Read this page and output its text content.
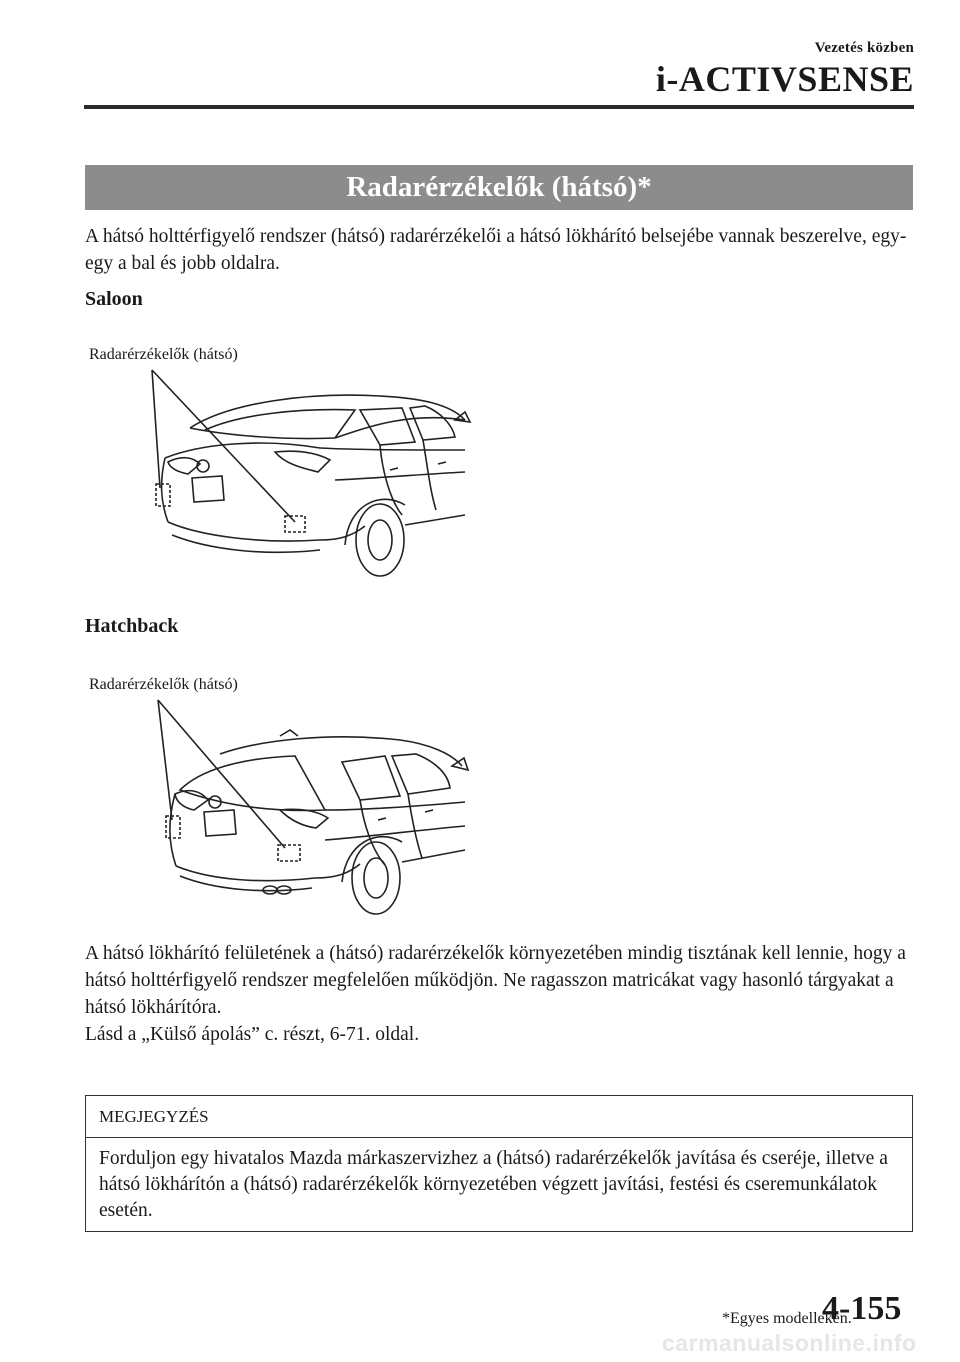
Vezetés közben
i-ACTIVSENSE
Radarérzékelők (hátsó)*

A hátsó holttérfigyelő rendszer (hátsó) radarérzékelői a hátsó lökhárító belsejébe vannak beszerelve, egy-egy a bal és jobb oldalra.

Saloon
Radarérzékelők (hátsó)
Hatchback
Radarérzékelők (hátsó)

A hátsó lökhárító felületének a (hátsó) radarérzékelők környezetében mindig tisztának kell lennie, hogy a hátsó holttérfigyelő rendszer megfelelően működjön. Ne ragasszon matricákat vagy hasonló tárgyakat a hátsó lökhárítóra.

Lásd a „Külső ápolás” c. részt, 6-71. oldal.

MEGJEGYZÉS
Forduljon egy hivatalos Mazda márkaszervizhez a (hátsó) radarérzékelők javítása és cseréje, illetve a hátsó lökhárítón a (hátsó) radarérzékelők környezetében végzett javítási, festési és cseremunkálatok esetén.
*Egyes modelleken.
4-155
carmanualsonline.info
